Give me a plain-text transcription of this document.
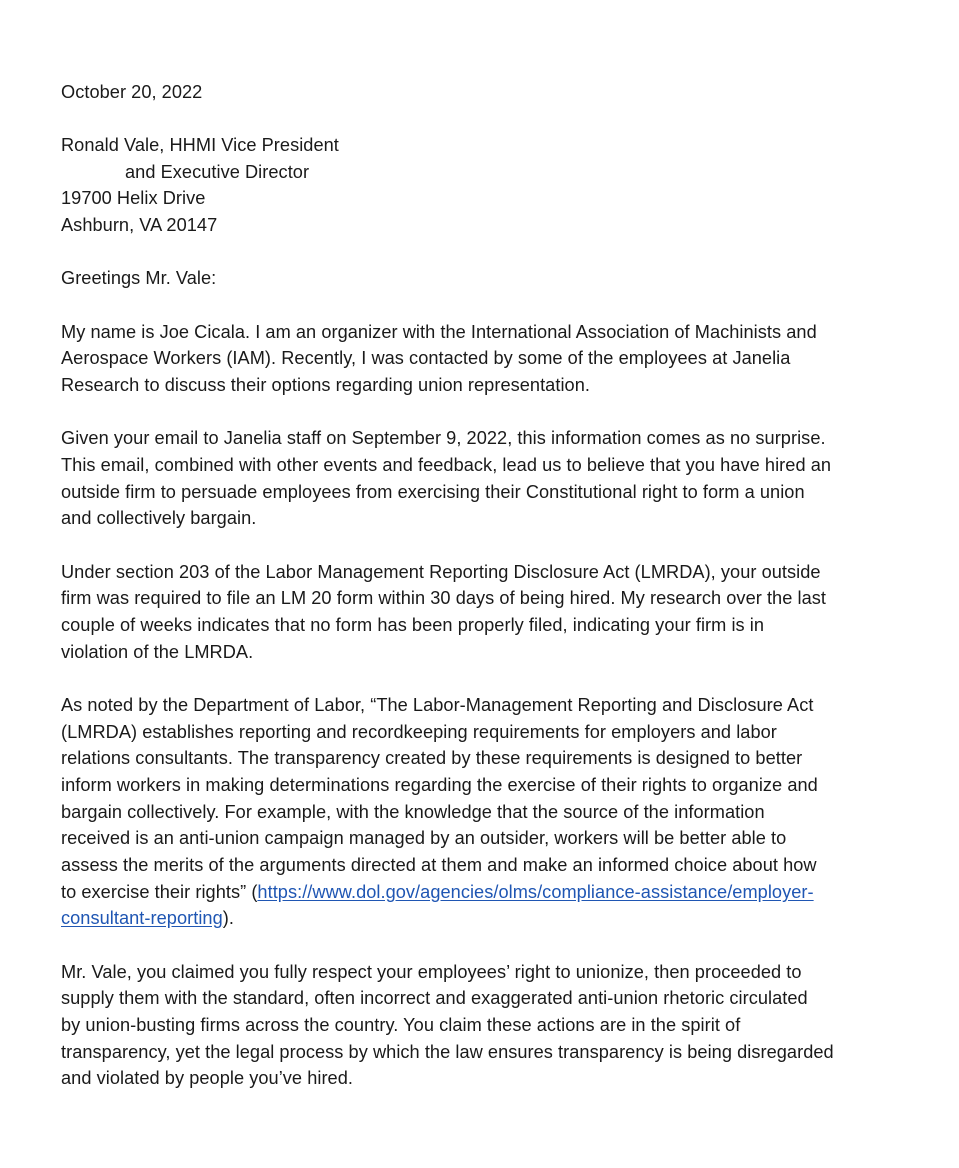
October 20, 2022

Ronald Vale, HHMI Vice President

and Executive Director

19700 Helix Drive

Ashburn, VA 20147

Greetings Mr. Vale:

My name is Joe Cicala. I am an organizer with the International Association of Machinists and

Aerospace Workers (IAM). Recently, I was contacted by some of the employees at Janelia

Research to discuss their options regarding union representation.

Given your email to Janelia staff on September 9, 2022, this information comes as no surprise.

This email, combined with other events and feedback, lead us to believe that you have hired an

outside firm to persuade employees from exercising their Constitutional right to form a union

and collectively bargain.

Under section 203 of the Labor Management Reporting Disclosure Act (LMRDA), your outside

firm was required to file an LM 20 form within 30 days of being hired. My research over the last

couple of weeks indicates that no form has been properly filed, indicating your firm is in

violation of the LMRDA.

As noted by the Department of Labor, “The Labor-Management Reporting and Disclosure Act

(LMRDA) establishes reporting and recordkeeping requirements for employers and labor

relations consultants. The transparency created by these requirements is designed to better

inform workers in making determinations regarding the exercise of their rights to organize and

bargain collectively. For example, with the knowledge that the source of the information

received is an anti-union campaign managed by an outsider, workers will be better able to

assess the merits of the arguments directed at them and make an informed choice about how

to exercise their rights” (https://www.dol.gov/agencies/olms/compliance-assistance/employer-

consultant-reporting).

Mr. Vale, you claimed you fully respect your employees’ right to unionize, then proceeded to

supply them with the standard, often incorrect and exaggerated anti-union rhetoric circulated

by union-busting firms across the country. You claim these actions are in the spirit of

transparency, yet the legal process by which the law ensures transparency is being disregarded

and violated by people you’ve hired.
